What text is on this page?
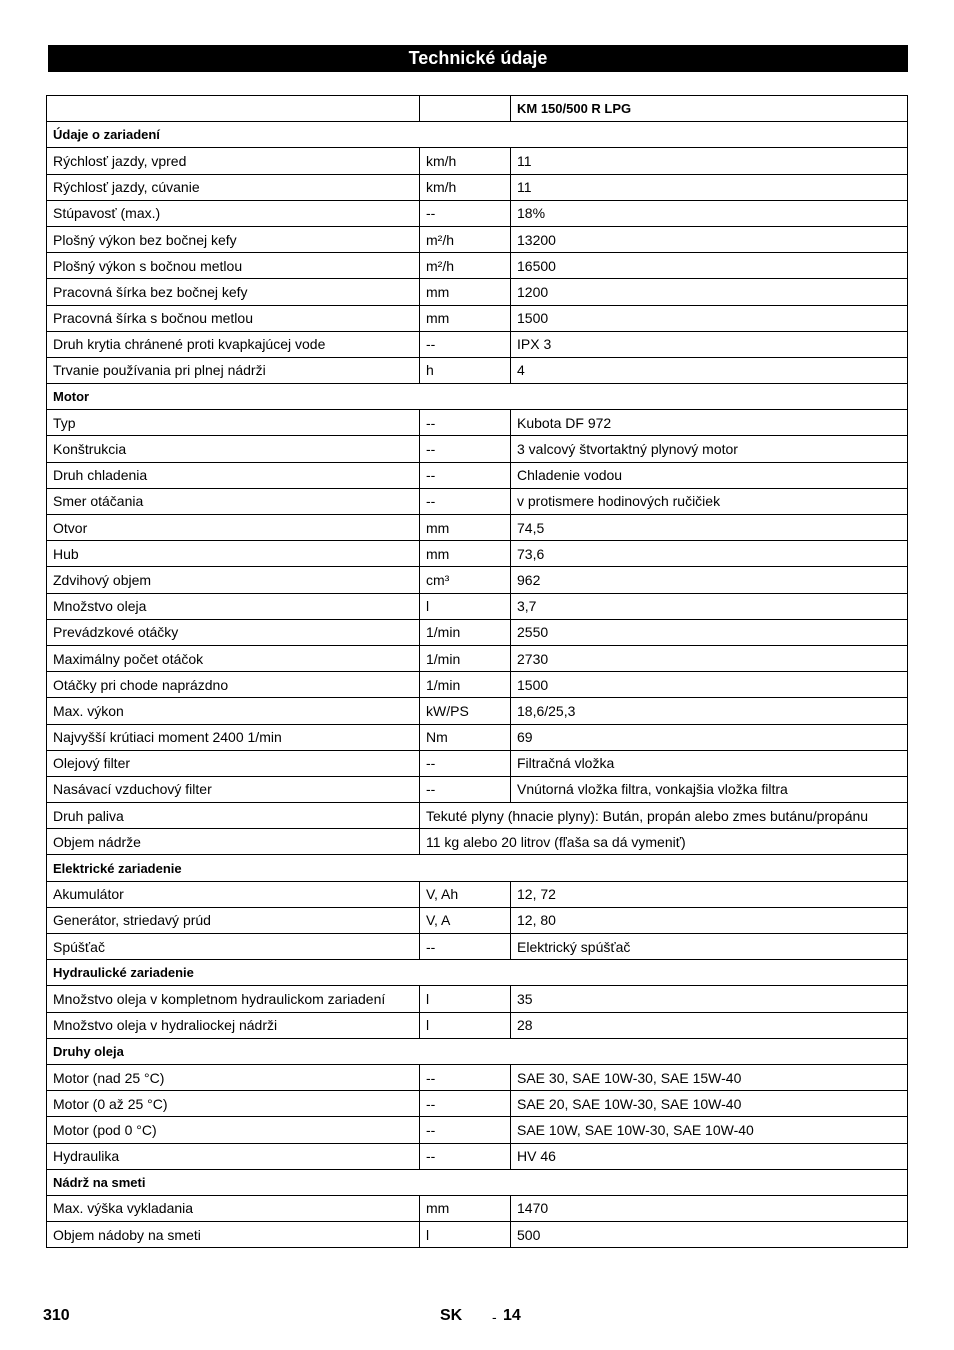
Technické údaje
		KM 150/500 R LPG
Údaje o zariadení		
Rýchlosť jazdy, vpred	km/h	11
Rýchlosť jazdy, cúvanie	km/h	11
Stúpavosť (max.)	--	18%
Plošný výkon bez bočnej kefy	m²/h	13200
Plošný výkon s bočnou metlou	m²/h	16500
Pracovná šírka bez bočnej kefy	mm	1200
Pracovná šírka s bočnou metlou	mm	1500
Druh krytia chránené proti kvapkajúcej vode	--	IPX 3
Trvanie používania pri plnej nádrži	h	4
Motor		
Typ	--	Kubota DF 972
Konštrukcia	--	3 valcový štvortaktný plynový motor
Druh chladenia	--	Chladenie vodou
Smer otáčania	--	v protismere hodinových ručičiek
Otvor	mm	74,5
Hub	mm	73,6
Zdvihový objem	cm³	962
Množstvo oleja	l	3,7
Prevádzkové otáčky	1/min	2550
Maximálny počet otáčok	1/min	2730
Otáčky pri chode naprázdno	1/min	1500
Max. výkon	kW/PS	18,6/25,3
Najvyšší krútiaci moment 2400 1/min	Nm	69
Olejový filter	--	Filtračná vložka
Nasávací vzduchový filter	--	Vnútorná vložka filtra, vonkajšia vložka filtra
Druh paliva	Tekuté plyny (hnacie plyny): Bután, propán alebo zmes butánu/propánu	
Objem nádrže	11 kg alebo 20 litrov (fľaša sa dá vymeniť)	
Elektrické zariadenie		
Akumulátor	V, Ah	12, 72
Generátor, striedavý prúd	V, A	12, 80
Spúšťač	--	Elektrický spúšťač
Hydraulické zariadenie		
Množstvo oleja v kompletnom hydraulickom zariadení	l	35
Množstvo oleja v hydraliockej nádrži	l	28
Druhy oleja		
Motor (nad 25 °C)	--	SAE 30, SAE 10W-30, SAE 15W-40
Motor (0 až 25 °C)	--	SAE 20, SAE 10W-30, SAE 10W-40
Motor (pod 0 °C)	--	SAE 10W, SAE 10W-30, SAE 10W-40
Hydraulika	--	HV 46
Nádrž na smeti		
Max. výška vykladania	mm	1470
Objem nádoby na smeti	l	500
310	SK - 14
